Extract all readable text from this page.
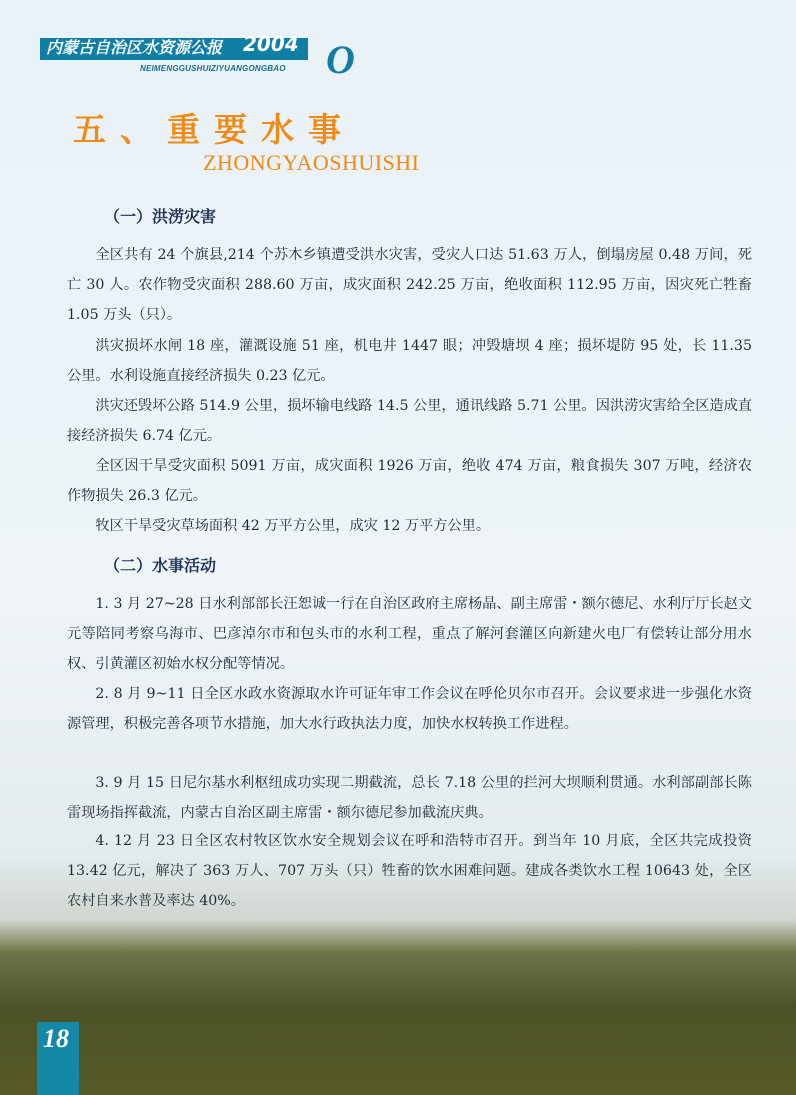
内蒙古自治区水资源公报 2004
NEIMENGGUSHUIZIYUANGONGBAO O
五、重要水事
ZHONGYAOSHUISHI
（一）洪涝灾害

全区共有 24 个旗县,214 个苏木乡镇遭受洪水灾害，受灾人口达 51.63 万人，倒塌房屋 0.48 万间，死亡 30 人。农作物受灾面积 288.60 万亩，成灾面积 242.25 万亩，绝收面积 112.95 万亩，因灾死亡牲畜 1.05 万头（只）。

洪灾损坏水闸 18 座，灌溉设施 51 座，机电井 1447 眼；冲毁塘坝 4 座；损坏堤防 95 处，长 11.35 公里。水利设施直接经济损失 0.23 亿元。

洪灾还毁坏公路 514.9 公里，损坏输电线路 14.5 公里，通讯线路 5.71 公里。因洪涝灾害给全区造成直接经济损失 6.74 亿元。

全区因干旱受灾面积 5091 万亩，成灾面积 1926 万亩，绝收 474 万亩，粮食损失 307 万吨，经济农作物损失 26.3 亿元。

牧区干旱受灾草场面积 42 万平方公里，成灾 12 万平方公里。

（二）水事活动

1. 3 月 27~28 日水利部部长汪恕诚一行在自治区政府主席杨晶、副主席雷・额尔德尼、水利厅厅长赵文元等陪同考察乌海市、巴彦淖尔市和包头市的水利工程，重点了解河套灌区向新建火电厂有偿转让部分用水权、引黄灌区初始水权分配等情况。

2. 8 月 9~11 日全区水政水资源取水许可证年审工作会议在呼伦贝尔市召开。会议要求进一步强化水资源管理，积极完善各项节水措施，加大水行政执法力度，加快水权转换工作进程。

3. 9 月 15 日尼尔基水利枢纽成功实现二期截流，总长 7.18 公里的拦河大坝顺利贯通。水利部副部长陈雷现场指挥截流，内蒙古自治区副主席雷・额尔德尼参加截流庆典。

4. 12 月 23 日全区农村牧区饮水安全规划会议在呼和浩特市召开。到当年 10 月底，全区共完成投资 13.42 亿元，解决了 363 万人、707 万头（只）牲畜的饮水困难问题。建成各类饮水工程 10643 处，全区农村自来水普及率达 40%。

18
